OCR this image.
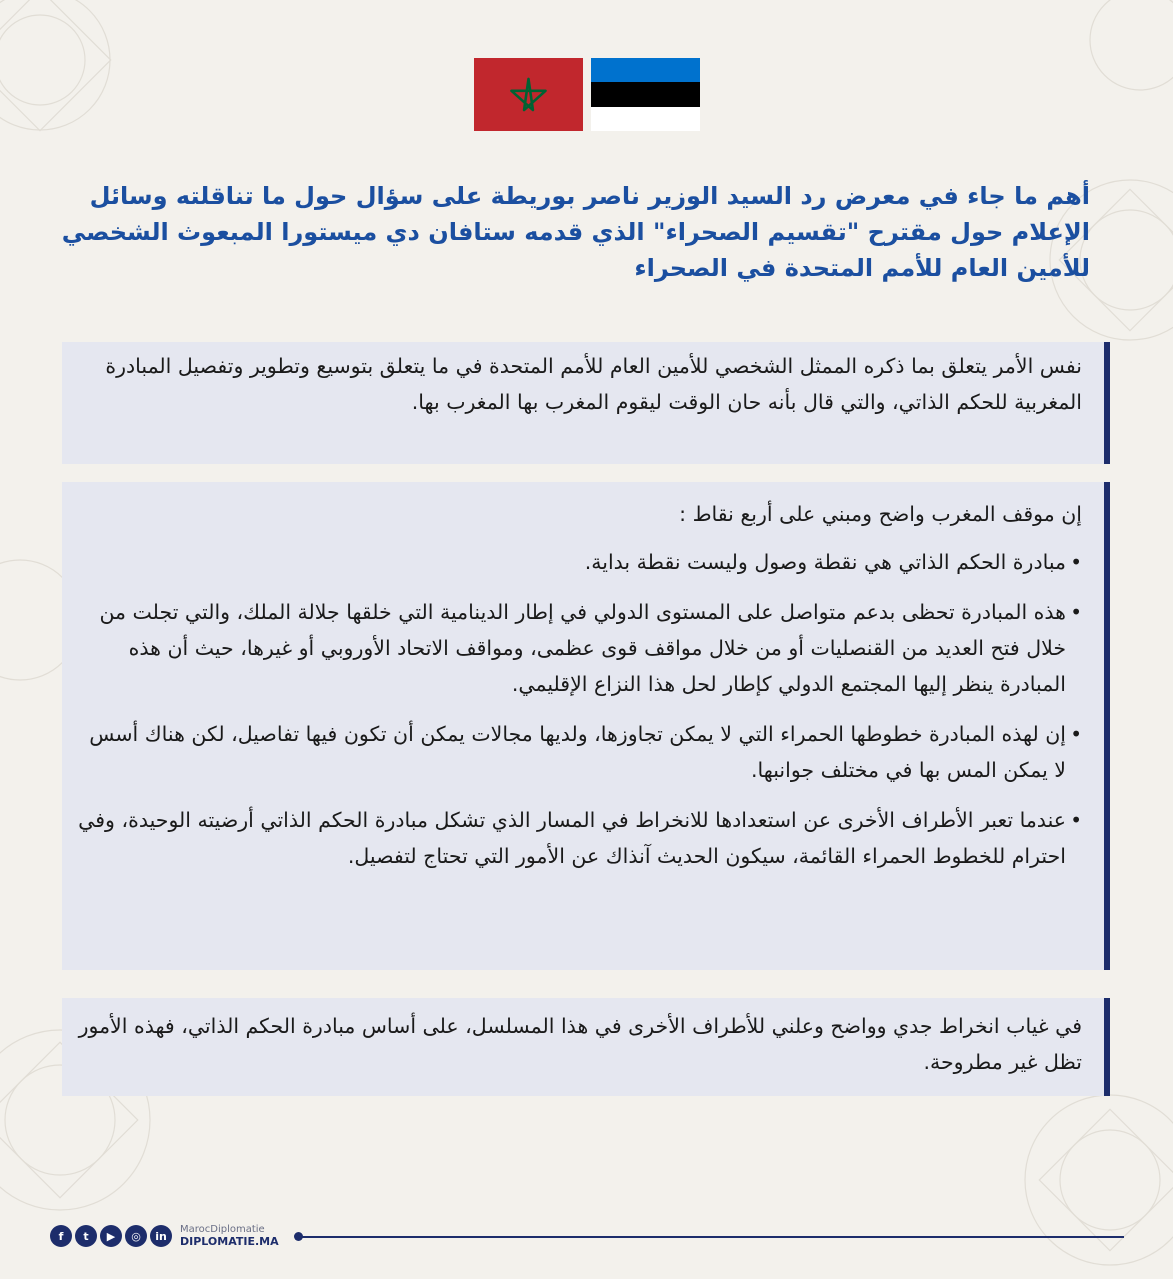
أهم ما جاء في معرض رد السيد الوزير ناصر بوريطة على سؤال حول ما تناقلته وسائل الإعلام حول مقترح "تقسيم الصحراء" الذي قدمه ستافان دي ميستورا المبعوث الشخصي للأمين العام للأمم المتحدة في الصحراء

نفس الأمر يتعلق بما ذكره الممثل الشخصي للأمين العام للأمم المتحدة في ما يتعلق بتوسيع وتطوير وتفصيل المبادرة المغربية للحكم الذاتي، والتي قال بأنه حان الوقت ليقوم المغرب بها المغرب بها.

إن موقف المغرب واضح ومبني على أربع نقاط :

• مبادرة الحكم الذاتي هي نقطة وصول وليست نقطة بداية.
• هذه المبادرة تحظى بدعم متواصل على المستوى الدولي في إطار الدينامية التي خلقها جلالة الملك، والتي تجلت من خلال فتح العديد من القنصليات أو من خلال مواقف قوى عظمى، ومواقف الاتحاد الأوروبي أو غيرها، حيث أن هذه المبادرة ينظر إليها المجتمع الدولي كإطار لحل هذا النزاع الإقليمي.
• إن لهذه المبادرة خطوطها الحمراء التي لا يمكن تجاوزها، ولديها مجالات يمكن أن تكون فيها تفاصيل، لكن هناك أسس لا يمكن المس بها في مختلف جوانبها.
• عندما تعبر الأطراف الأخرى عن استعدادها للانخراط في المسار الذي تشكل مبادرة الحكم الذاتي أرضيته الوحيدة، وفي احترام للخطوط الحمراء القائمة، سيكون الحديث آنذاك عن الأمور التي تحتاج لتفصيل.

في غياب انخراط جدي وواضح وعلني للأطراف الأخرى في هذا المسلسل، على أساس مبادرة الحكم الذاتي، فهذه الأمور تظل غير مطروحة.

f	t	▶	◎	in	MarocDiplomatie
DIPLOMATIE.MA
